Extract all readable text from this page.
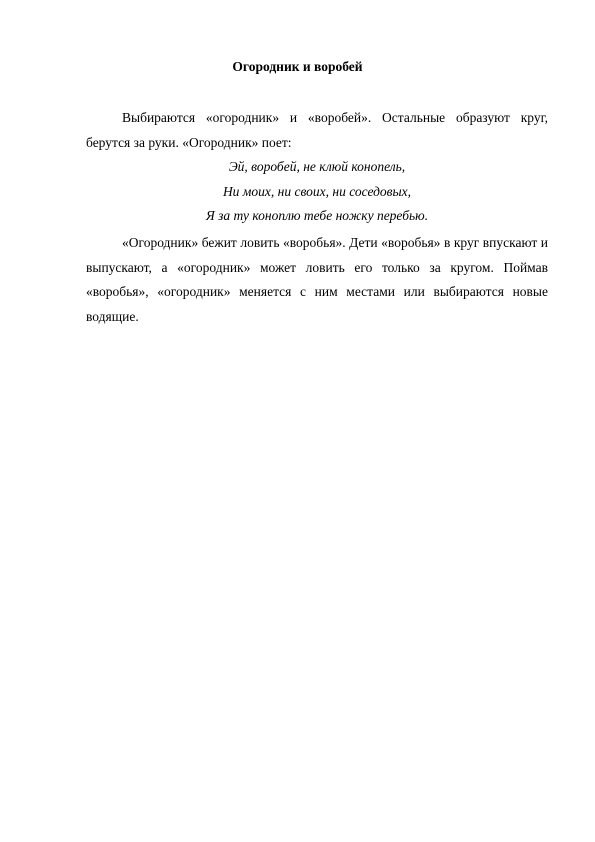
Огородник и воробей

Выбираются «огородник» и «воробей». Остальные образуют круг, берутся за руки. «Огородник» поет:

Эй, воробей, не клюй конопель,
Ни моих, ни своих, ни соседовых,
Я за ту коноплю тебе ножку перебью.

«Огородник» бежит ловить «воробья». Дети «воробья» в круг впускают и выпускают, а «огородник» может ловить его только за кругом. Поймав «воробья», «огородник» меняется с ним местами или выбираются новые водящие.
